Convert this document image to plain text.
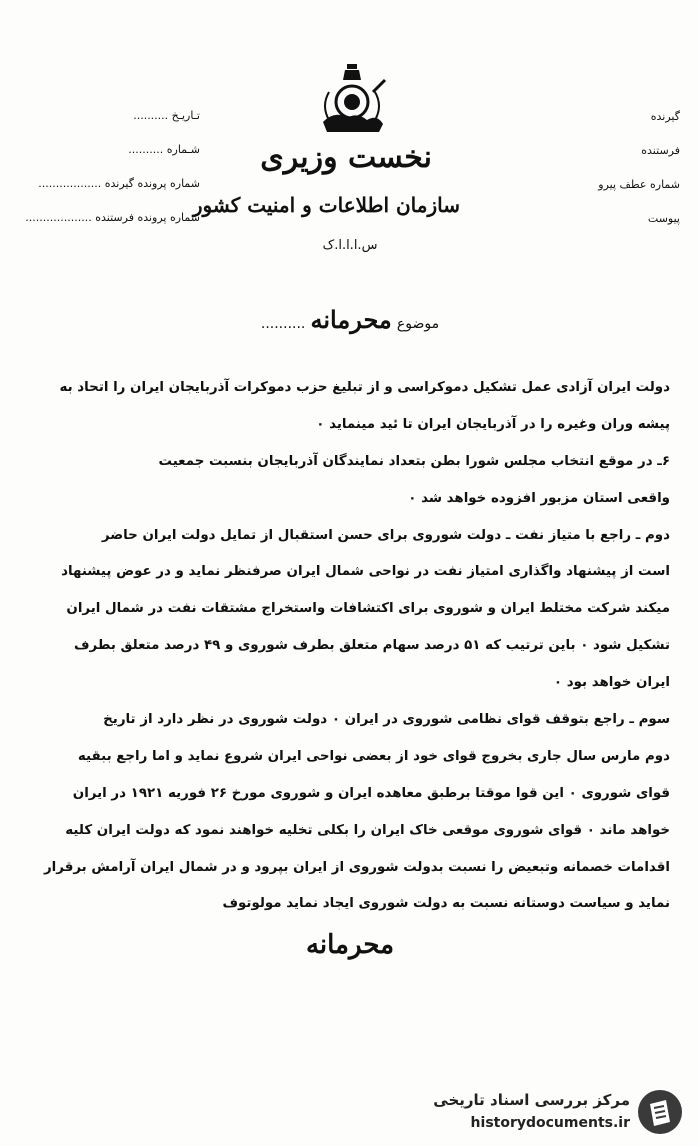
تـاریـخ ..........
شـماره ..........
شماره پرونده گیرنده ..................
شماره پرونده فرستنده ...................
گیرنده
فرستنده
شماره عطف پیرو
پیوست
نخست وزیری
سازمان اطلاعات و امنیت کشور
س.ا.ا.ا.ک
موضوع محرمانه ..........

دولت ایران آزادی عمل تشکیل دموکراسی و از تبلیغ حزب دموکرات آذربایجان ایران را اتحاد به

پیشه وران وغیره را در آذربایجان ایران تا ئید مینماید ۰

۶ـ در موقع انتخاب مجلس شورا بطن بتعداد نمایندگان آذربایجان بنسبت جمعیت

واقعی استان مزبور افزوده خواهد شد ۰

دوم ـ راجع با متیاز نفت ـ دولت شوروی برای حسن استقبال از تمایل دولت ایران حاضر

است از پیشنهاد واگذاری امتیاز نفت در نواحی شمال ایران صرفنظر نماید و در عوض پیشنهاد

میکند شرکت مختلط ایران و شوروی برای اکتشافات واستخراج مشتقات نفت در شمال ایران

تشکیل شود ۰ باین ترتیب که ۵۱ درصد سهام متعلق بطرف شوروی و ۴۹ درصد متعلق بطرف

ایران خواهد بود ۰

سوم ـ راجع بتوقف قوای نظامی شوروی در ایران ۰ دولت شوروی در نظر دارد از تاریخ

دوم مارس سال جاری بخروج قوای خود از بعضی نواحی ایران شروع نماید و اما راجع ببقیه

قوای شوروی ۰ این قوا موقتا برطبق معاهده ایران و شوروی مورخ ۲۶ فوریه ۱۹۲۱ در ایران

خواهد ماند ۰ قوای شوروی موقعی خاک ایران را بکلی تخلیه خواهند نمود که دولت ایران کلیه

اقدامات خصمانه وتبعیض را نسبت بدولت شوروی از ایران بپرود و در شمال ایران آرامش برقرار

نماید و سیاست دوستانه نسبت به دولت شوروی ایجاد نماید مولوتوف

محرمانه
مرکز بررسی اسناد تاریخی
historydocuments.ir
